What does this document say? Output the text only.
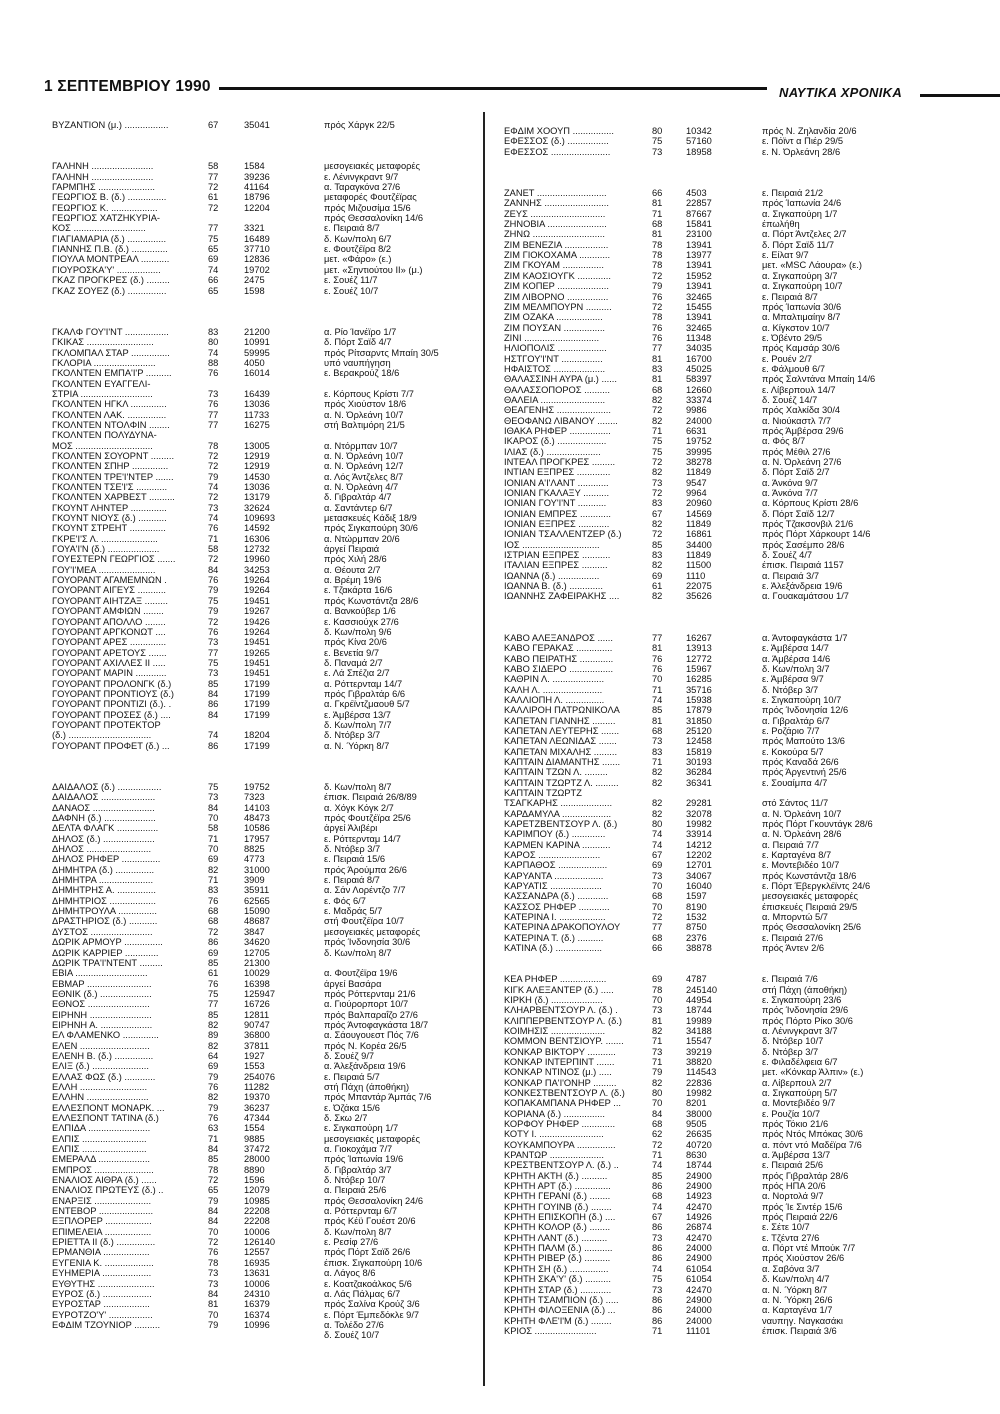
1 ΣΕΠΤΕΜΒΡΙΟΥ 1990	ΝΑΥΤΙΚΑ ΧΡΟΝΙΚΑ
ΒΥΖΑΝΤΙΟΝ (μ.) .................	67	35041	πρός Χάργκ 22/5
ΓΑΛΗΝΗ ........................	58	1584	μεσογειακές μεταφορές
ΓΑΛΗΝΗ ........................	77	39236	ε. Λένινγκραντ 9/7
ΓΑΡΜΠΗΣ ......................	72	41164	α. Ταραγκόνα 27/6
ΓΕΩΡΓΙΟΣ Β. (δ.) ...............	61	18796	μεταφορές Φουτζέϊρας
ΓΕΩΡΓΙΟΣ Κ. ..................	72	12204	πρός Μιζουσίμα 15/6
ΓΕΩΡΓΙΟΣ ΧΑΤΖΗΚΥΡΙΑ-	πρός Θεσσαλονίκη 14/6
ΚΟΣ ............................	77	3321	ε. Πειραιά 8/7
ΓΙΑΓΙΑΜΑΡΙΑ (δ.) ...............	75	16489	δ. Κων/πολη 6/7
ΓΙΑΝΝΗΣ Π.Β. (δ.) ..............	65	37710	ε. Φουτζέϊρα 8/2
ΓΙΟΥΛΑ ΜΟΝΤΡΕΑΛ ...........	69	12836	μετ. «Φάρο» (ε.)
ΓΙΟΥΡΟΣΚΑ'Υ' .................	74	19702	μετ. «Σηντιούτου ΙΙ» (μ.)
ΓΚΑΖ ΠΡΟΓΚΡΕΣ (δ.) .........	66	2475	ε. Σουέζ 11/7
ΓΚΑΖ ΣΟΥΕΖ (δ.) ...............	65	1598	ε. Σουέζ 10/7
ΓΚΑΛΦ ΓΟΥ'Ι'ΝΤ .................	83	21200	α. Ρίο Ίανέϊρο 1/7
ΓΚΙΚΑΣ ..........................	80	10991	δ. Πόρτ Σαϊδ 4/7
ΓΚΛΟΜΠΑΛ ΣΤΑΡ ...............	74	59995	πρός Ρίτσαρντς Μπαίη 30/5
ΓΚΛΟΡΙΑ ........................	88	4050	υπό ναυπήγηση
ΓΚΟΛΝΤΕΝ ΕΜΠΑ'Ι'Ρ ..........	76	16014	ε. Βερακρούζ 18/6
ΓΚΟΛΝΤΕΝ ΕΥΑΓΓΕΛΙ-
ΣΤΡΙΑ ............................	73	16439	ε. Κόρπους Κρίστι 7/7
ΓΚΟΛΝΤΕΝ ΗΓΚΛ ..............	76	13036	πρός Χιούστον 18/6
ΓΚΟΛΝΤΕΝ ΛΑΚ. ...............	77	11733	α. Ν. Όρλεάνη 10/7
ΓΚΟΛΝΤΕΝ ΝΤΟΛΦΙΝ ........	77	16275	στή Βαλτιμόρη 21/5
ΓΚΟΛΝΤΕΝ ΠΟΛΥΔΥΝΑ-
ΜΟΣ ..............................	78	13005	α. Ντόρμπαν 10/7
ΓΚΟΛΝΤΕΝ ΣΟΥΟΡΝΤ .........	72	12919	α. Ν. Όρλεάνη 10/7
ΓΚΟΛΝΤΕΝ ΣΠΗΡ ..............	72	12919	α. Ν. Όρλεάνη 12/7
ΓΚΟΛΝΤΕΝ ΤΡΕ'Ι'ΝΤΕΡ .......	79	14530	α. Λός Άντζελες 8/7
ΓΚΟΛΝΤΕΝ ΤΣΕ'Ι'Σ ............	74	13036	α. Ν. Όρλεάνη 4/7
ΓΚΟΛΝΤΕΝ ΧΑΡΒΕΣΤ ..........	72	13179	δ. Γιβραλτάρ 4/7
ΓΚΟΥΝΤ ΛΗΝΤΕΡ ..............	73	32624	α. Σαντάντερ 6/7
ΓΚΟΥΝΤ ΝΙΟΥΣ (δ.) ...........	74	109693	μετασκευές Κάδιξ 18/9
ΓΚΟΥΝΤ ΣΤΡΕΗΤ ..............	76	14592	πρός Σιγκαπούρη 30/6
ΓΚΡΕ'Ι'Σ Λ. ......................	71	16306	α. Ντώρμπαν 20/6
ΓΟΥΑ'Ι'Ν (δ.) ....................	58	12732	άργεί Πειραιά
ΓΟΥΕΣΤΕΡΝ ΓΕΩΡΓΙΟΣ .......	72	19960	πρός Χιλή 28/6
ΓΟΥ'Ι'ΜΕΑ ......................	84	34253	α. Θέουτα 2/7
ΓΟΥΟΡΑΝΤ ΑΓΑΜΕΜΝΩΝ .	76	19264	α. Βρέμη 19/6
ΓΟΥΟΡΑΝΤ ΑΙΓΕΥΣ ...........	79	19264	ε. Τζακάρτα 16/6
ΓΟΥΟΡΑΝΤ ΑΙΗΤΖΑΞ .........	75	19451	πρός Κωνστάντζα 28/6
ΓΟΥΟΡΑΝΤ ΑΜΦΙΩΝ ........	79	19267	α. Βανκούβερ 1/6
ΓΟΥΟΡΑΝΤ ΑΠΟΛΛΟ ........	72	19426	ε. Κασσιούχκ 27/6
ΓΟΥΟΡΑΝΤ ΑΡΓΚΟΝΩΤ ....	76	19264	δ. Κων/πολη 9/6
ΓΟΥΟΡΑΝΤ ΑΡΕΣ ..............	73	19451	πρός Κίνα 20/6
ΓΟΥΟΡΑΝΤ ΑΡΕΤΟΥΣ .......	77	19265	ε. Βενετία 9/7
ΓΟΥΟΡΑΝΤ ΑΧΙΛΛΕΣ ΙΙ .....	75	19451	δ. Παναμά 2/7
ΓΟΥΟΡΑΝΤ ΜΑΡΙΝ ............	73	19451	ε. Λά Σπέζια 2/7
ΓΟΥΟΡΑΝΤ ΠΡΟΛΟΝΓΚ (δ.)	85	17199	α. Ρόττερνταμ 14/7
ΓΟΥΟΡΑΝΤ ΠΡΟΝΤΙΟΥΣ (δ.)	84	17199	πρός Γιβραλτάρ 6/6
ΓΟΥΟΡΑΝΤ ΠΡΟΝΤΙΖΙ (δ.). .	86	17199	α. Γκρέϊντζμαουθ 5/7
ΓΟΥΟΡΑΝΤ ΠΡΟΣΕΣ (δ.) ....	84	17199	ε. Άμβέρσα 13/7
ΓΟΥΟΡΑΝΤ ΠΡΟΤΕΚΤΟΡ	δ. Κων/πολη 7/7
(δ.) ................................	74	18204	δ. Ντόβερ 3/7
ΓΟΥΟΡΑΝΤ ΠΡΟΦΕΤ (δ.) ...	86	17199	α. Ν. Ύόρκη 8/7
ΔΑΙΔΑΛΟΣ (δ.) .................	75	19752	δ. Κων/πολη 8/7
ΔΑΙΔΑΛΟΣ .....................	73	7323	έπισκ. Πειραιά 26/8/89
ΔΑΝΑΟΣ ........................	84	14103	α. Χόγκ Κόγκ 2/7
ΔΑΦΝΗ (δ.) ....................	70	48473	πρός Φουτζέϊρα 25/6
ΔΕΛΤΑ ΦΛΑΓΚ ................	58	10586	άργεί Άλιβέρι
ΔΗΛΟΣ (δ.) ....................	71	17957	ε. Ρόττερνταμ 14/7
ΔΗΛΟΣ .........................	70	8825	δ. Ντόβερ 3/7
ΔΗΛΟΣ ΡΗΦΕΡ ...............	69	4773	ε. Πειραιά 15/6
ΔΗΜΗΤΡΑ (δ.) ...............	82	31000	πρός Άρούμπα 26/6
ΔΗΜΗΤΡΑ .....................	71	3909	ε. Πειραιά 8/7
ΔΗΜΗΤΡΗΣ Α. ...............	83	35911	α. Σάν Λορέντζο 7/7
ΔΗΜΗΤΡΙΟΣ ..................	76	62565	ε. Φός 6/7
ΔΗΜΗΤΡΟΥΛΑ ...............	68	15090	ε. Μαδράς 5/7
ΔΡΑΣΤΗΡΙΟΣ (δ.) ...........	68	48687	στή Φουτζέϊρα 10/7
ΔΥΣΤΟΣ ........................	72	3847	μεσογειακές μεταφορές
ΔΩΡΙΚ ΑΡΜΟΥΡ ...............	86	34620	πρός Ίνδονησία 30/6
ΔΩΡΙΚ ΚΑΡΡΙΕΡ .............	69	12705	δ. Κων/πολη 8/7
ΔΩΡΙΚ ΤΡΑ'Ι'ΝΤΕΝΤ .........	85	21300
ΕΒΙΑ ............................	61	10029	α. Φουτζέϊρα 19/6
ΕΒΜΑΡ .........................	76	16398	άργεί Βασάρα
ΕΘΝΙΚ (δ.) ....................	75	125947	πρός Ρόττερνταμ 21/6
ΕΘΝΟΣ ........................	77	16726	α. Γιούρορπορτ 10/7
ΕΙΡΗΝΗ ........................	85	12811	πρός Βαλπαραΐζο 27/6
ΕΙΡΗΝΗ Α. ....................	82	90747	πρός Άντοφαγκάστα 18/7
ΕΛ ΦΛΑΜΕΝΚΟ ..............	89	36800	α. Σάουγουεστ Πός 7/6
ΕΛΕΝ ...........................	82	37811	πρός Ν. Κορέα 26/5
ΕΛΕΝΗ Β. (δ.) ...............	64	1927	δ. Σουέζ 9/7
ΕΛΙΞ (δ.) ......................	69	1553	α. Άλεξάνδρεια 19/6
ΕΛΛΑΣ ΦΩΣ (δ.) ............	79	254076	ε. Πειραιά 5/7
ΕΛΛΗ ..........................	76	11282	στή Πάχη (άποθήκη)
ΕΛΛΗΝ ........................	82	19370	πρός Μπαντάρ Άμπάς 7/6
ΕΛΛΕΣΠΟΝΤ ΜΟΝΑΡΚ. ...	79	36237	ε. Όζάκα 15/6
ΕΛΛΕΣΠΟΝΤ ΤΑΤΙΝΑ (δ.)	76	47344	δ. Σκω 2/7
ΕΛΠΙΔΑ ........................	63	1554	ε. Σιγκαπούρη 1/7
ΕΛΠΙΣ .........................	71	9885	μεσογειακές μεταφορές
ΕΛΠΙΣ .........................	84	37472	α. Γιοκοχάμα 7/7
ΕΜΕΡΑΛΔ ....................	85	28000	πρός Ίαπωνία 19/6
ΕΜΠΡΟΣ .......................	78	8890	δ. Γιβραλτάρ 3/7
ΕΝΑΛΙΟΣ ΑΙΘΡΑ (δ.) ......	72	1596	δ. Ντόβερ 10/7
ΕΝΑΛΙΟΣ ΠΡΩΤΕΥΣ (δ.) ..	65	12079	α. Πειραιά 25/6
ΕΝΑΡΞΙΣ ......................	79	10985	πρός Θεσσαλονίκη 24/6
ΕΝΤΕΒΟΡ .....................	84	22208	α. Ρόττερνταμ 6/7
ΕΞΠΛΟΡΕΡ ..................	84	22208	πρός Κέϋ Γουέστ 20/6
ΕΠΙΜΕΛΕΙΑ ..................	70	10006	δ. Κων/πολη 8/7
ΕΡΙΕΤΤΑ ΙΙ (δ.) ...............	72	126140	ε. Ρεσίφ 27/6
ΕΡΜΑΝΘΙΑ ..................	76	12557	πρός Πόρτ Σαϊδ 26/6
ΕΥΓΕΝΙΑ Κ. ...................	78	16935	έπισκ. Σιγκαπούρη 10/6
ΕΥΗΜΕΡΙΑ ...................	73	13631	α. Λάγος 8/6
ΕΥΘΥΤΗΣ ......................	73	10006	ε. Κοατζακοάλκος 5/6
ΕΥΡΟΣ (δ.) ...................	84	24310	α. Λάς Πάλμας 6/7
ΕΥΡΟΣΤΑΡ ..................	81	16379	πρός Σαλίνα Κρούζ 3/6
ΕΥΡΟΤΖΟ'Υ' .................	70	16374	ε. Πόρτ Έμπεδόκλε 9/7
ΕΦΔΙΜ ΤΖΟΥΝΙΟΡ ..........	79	10996	α. Τολέδο 27/6
δ. Σουέζ 10/7
ΕΦΔΙΜ ΧΟΟΥΠ ................	80	10342	πρός Ν. Ζηλανδία 20/6
ΕΦΕΣΣΟΣ (δ.) ................	75	57160	ε. Πόϊντ α Πιέρ 29/5
ΕΦΕΣΣΟΣ .......................	73	18958	ε. Ν. Όρλεάνη 28/6
ΖΑΝΕΤ ...........................	66	4503	ε. Πειραιά 21/2
ΖΑΝΝΗΣ .........................	81	22857	πρός Ίαπωνία 24/6
ΖΕΥΣ .............................	71	87667	α. Σιγκαπούρη 1/7
ΖΗΝΟΒΙΑ .......................	68	15841	έπωλήθη
ΖΗΝΩ ............................	81	23100	α. Πόρτ Άντζελες 2/7
ΖΙΜ ΒΕΝΕΖΙΑ .................	78	13941	δ. Πόρτ Σαϊδ 11/7
ΖΙΜ ΓΙΟΚΟΧΑΜΑ ............	78	13977	ε. Είλατ 9/7
ΖΙΜ ΓΚΟΥΑΜ ................	78	13941	μετ. «MSC Λάουρα» (ε.)
ΖΙΜ ΚΑΟΣΙΟΥΓΚ .............	72	15952	α. Σιγκαπούρη 3/7
ΖΙΜ ΚΟΠΕΡ ....................	79	13941	α. Σιγκαπούρη 10/7
ΖΙΜ ΛΙΒΟΡΝΟ ................	76	32465	ε. Πειραιά 8/7
ΖΙΜ ΜΕΛΜΠΟΥΡΝ ..........	72	15455	πρός Ίαπωνία 30/6
ΖΙΜ ΟΖΑΚΑ ..................	78	13941	α. Μπαλτιμαίην 8/7
ΖΙΜ ΠΟΥΣΑΝ ................	76	32465	α. Κίγκστον 10/7
ΖΙΝΙ .............................	76	11348	ε. Όβέντο 29/5
ΗΛΙΟΠΟΛΙΣ ...................	77	34035	πρός Καμσάρ 30/6
ΗΣΤΓΟΥ'Ι'ΝΤ ................	81	16700	ε. Ρουέν 2/7
ΗΦΑΙΣΤΟΣ ....................	83	45025	ε. Φάλμουθ 6/7
ΘΑΛΑΣΣΙΝΗ ΑΥΡΑ (μ.) ......	81	58397	πρός Σαλντάνα Μπαίη 14/6
ΘΑΛΑΣΣΟΠΟΡΟΣ ..........	68	12660	ε. Λίβερπουλ 14/7
ΘΑΛΕΙΑ .........................	82	33374	δ. Σουέζ 14/7
ΘΕΑΓΕΝΗΣ .....................	72	9986	πρός Χαλκίδα 30/4
ΘΕΟΦΑΝΩ ΛΙΒΑΝΟΥ ........	82	24000	α. Νιούκαστλ 7/7
ΙΘΑΚΑ ΡΗΦΕΡ ................	71	6631	πρός Άμβέρσα 29/6
ΙΚΑΡΟΣ (δ.) ...................	75	19752	α. Φός 8/7
ΙΛΙΑΣ (δ.) .....................	75	39995	πρός Μέθιλ 27/6
ΙΝΤΕΑΛ ΠΡΟΓΚΡΕΣ .........	72	38278	α. Ν. Όρλεάνη 27/6
ΙΝΤΙΑΝ ΕΞΠΡΕΣ .............	82	11849	δ. Πόρτ Σαϊδ 2/7
ΙΟΝΙΑΝ Α'Ι'ΛΑΝΤ ............	73	9547	α. Άνκόνα 9/7
ΙΟΝΙΑΝ ΓΚΑΛΑΞΥ ..........	72	9964	α. Άνκόνα 7/7
ΙΟΝΙΑΝ ΓΟΥ'Ι'ΝΤ ...........	83	20960	α. Κόρπους Κρίστι 28/6
ΙΟΝΙΑΝ ΕΜΠΡΕΣ ............	67	14569	δ. Πόρτ Σαϊδ 12/7
ΙΟΝΙΑΝ ΕΞΠΡΕΣ ............	82	11849	πρός Τζακσονβιλ 21/6
ΙΟΝΙΑΝ ΤΣΑΛΛΕΝΤΖΕΡ (δ.)	72	16861	πρός Πόρτ Χάρκουρτ 14/6
ΙΟΣ ..............................	85	34400	πρός Σασέμπο 28/6
ΙΣΤΡΙΑΝ ΕΞΠΡΕΣ ...........	83	11849	δ. Σουέζ 4/7
ΙΤΑΛΙΑΝ ΕΞΠΡΕΣ ..........	82	11500	έπισκ. Πειραιά 1157
ΙΩΑΝΝΑ (δ.) ................	69	1110	α. Πειραιά 3/7
ΙΩΑΝΝΑ Β. (δ.) .............	61	22075	ε. Άλεξάνδρεια 19/6
ΙΩΑΝΝΗΣ ΖΑΦΕΙΡΑΚΗΣ ....	82	35626	α. Γουακαμάτσου 1/7
ΚΑΒΟ ΑΛΕΞΑΝΔΡΟΣ ......	77	16267	α. Άντοφαγκάστα 1/7
ΚΑΒΟ ΓΕΡΑΚΑΣ ..............	81	13913	ε. Άμβέρσα 14/7
ΚΑΒΟ ΠΕΙΡΑΤΗΣ .............	76	12772	α. Άμβέρσα 14/6
ΚΑΒΟ ΣΙΔΕΡΟ .................	76	15967	δ. Κων/πολη 3/7
ΚΑΘΡΙΝ Λ. ....................	70	16285	ε. Άμβέρσα 9/7
ΚΑΛΗ Λ. .......................	71	35716	δ. Ντόβερ 3/7
ΚΑΛΛΙΟΠΗ Λ. ...............	74	15938	ε. Σιγκαπούρη 10/7
ΚΑΛΛΙΡΟΗ ΠΑΤΡΩΝΙΚΟΛΑ	85	17879	πρός Ίνδονησία 12/6
ΚΑΠΕΤΑΝ ΓΙΑΝΝΗΣ .........	81	31850	α. Γιβραλτάρ 6/7
ΚΑΠΕΤΑΝ ΛΕΥΤΕΡΗΣ .......	68	25120	ε. Ροζάριο 7/7
ΚΑΠΕΤΑΝ ΛΕΩΝΙΔΑΣ .......	73	12458	πρός Μαπούτο 13/6
ΚΑΠΕΤΑΝ ΜΙΧΑΛΗΣ .........	83	15819	ε. Κοκούρα 5/7
ΚΑΠΤΑΙΝ ΔΙΑΜΑΝΤΗΣ .......	71	30193	πρός Καναδά 26/6
ΚΑΠΤΑΙΝ ΤΖΩΝ Λ. .........	82	36284	πρός Άργεντινή 25/6
ΚΑΠΤΑΙΝ ΤΖΩΡΤΖ Λ. .........	82	36341	ε. Σουαίμπα 4/7
ΚΑΠΤΑΙΝ ΤΖΩΡΤΖ
ΤΣΑΓΚΑΡΗΣ ....................	82	29281	στό Σάντος 11/7
ΚΑΡΔΑΜΥΛΑ ...................	82	32078	α. Ν. Όρλεάνη 10/7
ΚΑΡΕΤΖΒΕΝΤΣΟΥΡ Λ. (δ.)	80	19982	πρός Πόρτ Γκουντάγκ 28/6
ΚΑΡΙΜΠΟΥ (δ.) .............	74	33914	α. Ν. Όρλεάνη 28/6
ΚΑΡΜΕΝ ΚΑΡΙΝΑ ...........	74	14212	α. Πειραιά 7/7
ΚΑΡΟΣ ........................	67	12202	ε. Καρταγένα 8/7
ΚΑΡΠΑΘΟΣ ...................	69	12701	ε. Μοντεβιδέο 10/7
ΚΑΡΥΑΝΤΑ ...................	73	34067	πρός Κωνστάντζα 18/6
ΚΑΡΥΑΤΙΣ ....................	70	16040	ε. Πόρτ Έβεργκλέϊντς 24/6
ΚΑΣΣΑΝΔΡΑ (δ.) ............	68	1597	μεσογειακές μεταφορές
ΚΑΣΣΟΣ ΡΗΦΕΡ ............	70	8190	έπισκευές Πειραιά 29/5
ΚΑΤΕΡΙΝΑ Ι. ..................	72	1532	α. Μπορντώ 5/7
ΚΑΤΕΡΙΝΑ ΔΡΑΚΟΠΟΥΛΟΥ	77	8750	πρός Θεσσαλονίκη 25/6
ΚΑΤΕΡΙΝΑ Τ. (δ.) ..........	68	2376	ε. Πειραιά 27/6
ΚΑΤΙΝΑ (δ.) ..................	66	38878	πρός Άντεν 2/6
ΚΕΑ ΡΗΦΕΡ ..................	69	4787	ε. Πειραιά 7/6
ΚΙΓΚ ΑΛΕΞΑΝΤΕΡ (δ.) .....	78	245140	στή Πάχη (άποθήκη)
ΚΙΡΚΗ (δ.) ....................	70	44954	ε. Σιγκαπούρη 23/6
ΚΛΗΑΡΒΕΝΤΣΟΥΡ Λ. (δ.) .	73	18744	πρός Ίνδονησία 29/6
ΚΛΙΠΠΕΡΒΕΝΤΣΟΥΡ Λ. (δ.)	81	19989	πρός Πόρτο Ρίκο 30/6
ΚΟΙΜΗΣΙΣ .....................	82	34188	α. Λένινγκραντ 3/7
ΚΟΜΜΟΝ ΒΕΝΤΣΙΟΥΡ. .......	71	15547	δ. Ντόβερ 10/7
ΚΟΝΚΑΡ ΒΙΚΤΟΡΥ ...........	73	39219	δ. Ντόβερ 3/7
ΚΟΝΚΑΡ ΙΝΤΕΡΠΙΝΤ .......	71	38820	ε. Φιλαδέλφεια 6/7
ΚΟΝΚΑΡ ΝΤΙΝΟΣ (μ.) .....	79	114543	μετ. «Κόνκαρ Άλπιν» (ε.)
ΚΟΝΚΑΡ ΠΑ'Ι'ΟΝΗΡ .........	82	22836	α. Λίβερπουλ 2/7
ΚΟΝΚΕΣΤΒΕΝΤΣΟΥΡ Λ. (δ.)	80	19982	α. Σιγκαπούρη 5/7
ΚΟΠΑΚΑΜΠΑΝΑ ΡΗΦΕΡ ...	70	8201	α. Μοντεβιδέο 9/7
ΚΟΡΙΑΝΑ (δ.) ................	84	38000	ε. Ρουζία 10/7
ΚΟΡΦΟΥ ΡΗΦΕΡ .............	68	9505	πρός Τόκιο 21/6
ΚΟΤΥ Ι. .........................	62	26635	πρός Ντός Μπόκας 30/6
ΚΟΥΚΑΜΠΟΥΡΑ ...............	72	40720	α. πόντ ντό Μαδέϊρα 7/6
ΚΡΑΝΤΩΡ .....................	71	8630	α. Άμβέρσα 13/7
ΚΡΕΣΤΒΕΝΤΣΟΥΡ Λ. (δ.) ..	74	18744	ε. Πειραιά 25/6
ΚΡΗΤΗ ΑΚΤΗ (δ.) ..........	85	24900	πρός Γιβραλτάρ 28/6
ΚΡΗΤΗ ΑΡΤ (δ.) ..............	86	24900	πρός ΗΠΑ 20/6
ΚΡΗΤΗ ΓΕΡΑΝΙ (δ.) ........	68	14923	α. Νορτολά 9/7
ΚΡΗΤΗ ΓΟΥΙΝΒ (δ.) ........	74	42470	πρός Ίε Σιντέρ 15/6
ΚΡΗΤΗ ΕΠΙΣΚΟΠΗ (δ.) ....	67	14926	πρός Πειραιά 22/6
ΚΡΗΤΗ ΚΟΛΟΡ (δ.) ........	86	26874	ε. Σέτε 10/7
ΚΡΗΤΗ ΛΑΝΤ (δ.) ..........	73	42470	ε. Τζέντα 27/6
ΚΡΗΤΗ ΠΑΛΜ (δ.) ...........	86	24000	α. Πόρτ ντέ Μπούκ 7/7
ΚΡΗΤΗ ΡΙΒΕΡ (δ.) ..........	86	24900	πρός Χιούστον 26/6
ΚΡΗΤΗ ΣΗ (δ.) ...............	74	61054	α. Σαβόνα 3/7
ΚΡΗΤΗ ΣΚΑ'Υ' (δ.) ..........	75	61054	δ. Κων/πολη 4/7
ΚΡΗΤΗ ΣΤΑΡ (δ.) ............	73	42470	α. Ν. Ύόρκη 8/7
ΚΡΗΤΗ ΤΣΑΜΠΙΟΝ (δ.) .....	86	24900	α. Ν. Ύόρκη 26/6
ΚΡΗΤΗ ΦΙΛΟΞΕΝΙΑ (δ.) ...	86	24000	α. Καρταγένα 1/7
ΚΡΗΤΗ ΦΛΕ'Ι'Μ (δ.) ........	86	24000	ναυπηγ. Ναγκασάκι
ΚΡΙΟΣ ........................	71	11101	έπισκ. Πειραιά 3/6
